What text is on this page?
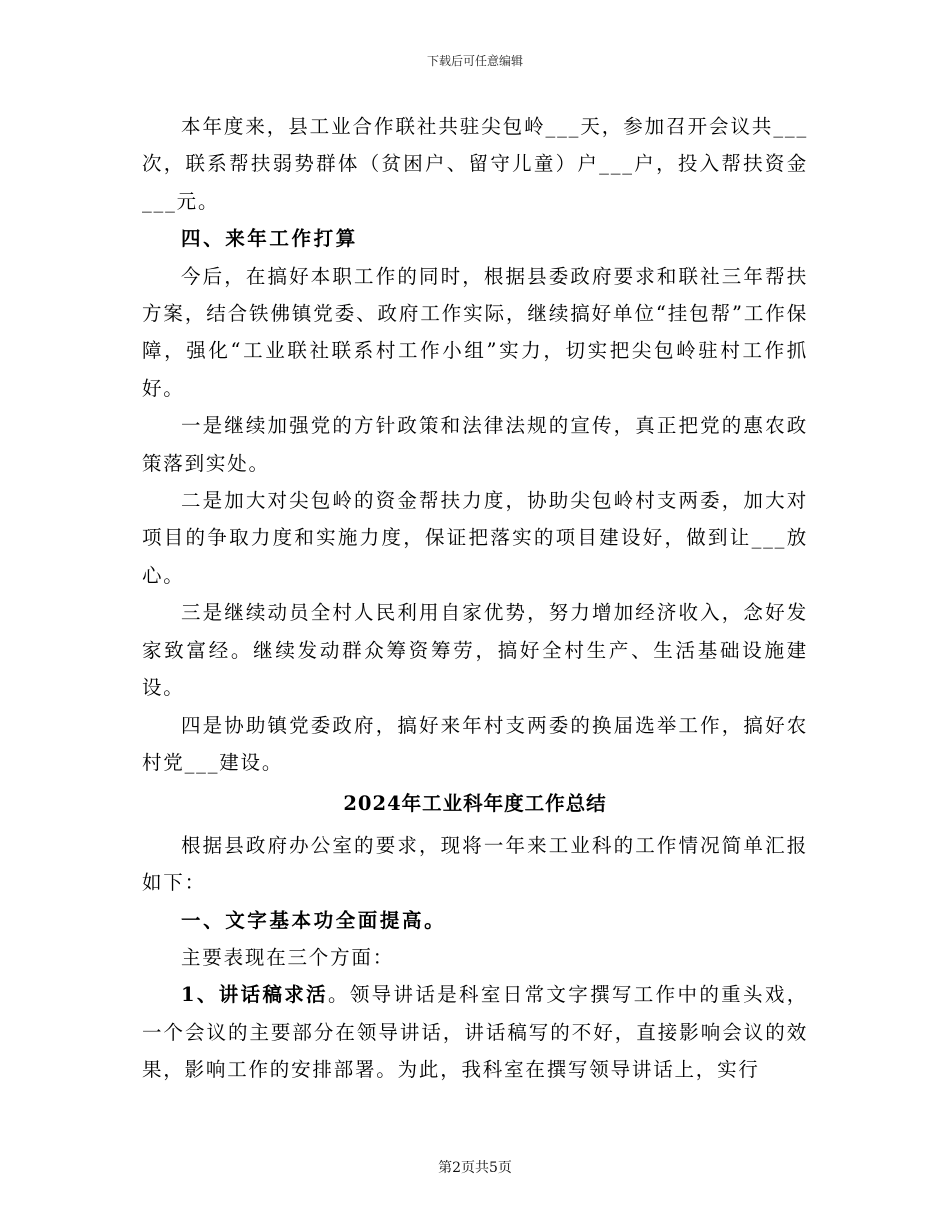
下载后可任意编辑

本年度来，县工业合作联社共驻尖包岭___天，参加召开会议共___次，联系帮扶弱势群体（贫困户、留守儿童）户___户，投入帮扶资金___元。

四、来年工作打算

今后，在搞好本职工作的同时，根据县委政府要求和联社三年帮扶方案，结合铁佛镇党委、政府工作实际，继续搞好单位“挂包帮”工作保障，强化“工业联社联系村工作小组”实力，切实把尖包岭驻村工作抓好。

一是继续加强党的方针政策和法律法规的宣传，真正把党的惠农政策落到实处。

二是加大对尖包岭的资金帮扶力度，协助尖包岭村支两委，加大对项目的争取力度和实施力度，保证把落实的项目建设好，做到让___放心。

三是继续动员全村人民利用自家优势，努力增加经济收入，念好发家致富经。继续发动群众筹资筹劳，搞好全村生产、生活基础设施建设。

四是协助镇党委政府，搞好来年村支两委的换届选举工作，搞好农村党___建设。

2024年工业科年度工作总结

根据县政府办公室的要求，现将一年来工业科的工作情况简单汇报如下：

一、文字基本功全面提高。

主要表现在三个方面：

1、讲话稿求活。领导讲话是科室日常文字撰写工作中的重头戏，一个会议的主要部分在领导讲话，讲话稿写的不好，直接影响会议的效果，影响工作的安排部署。为此，我科室在撰写领导讲话上，实行

第2页共5页
